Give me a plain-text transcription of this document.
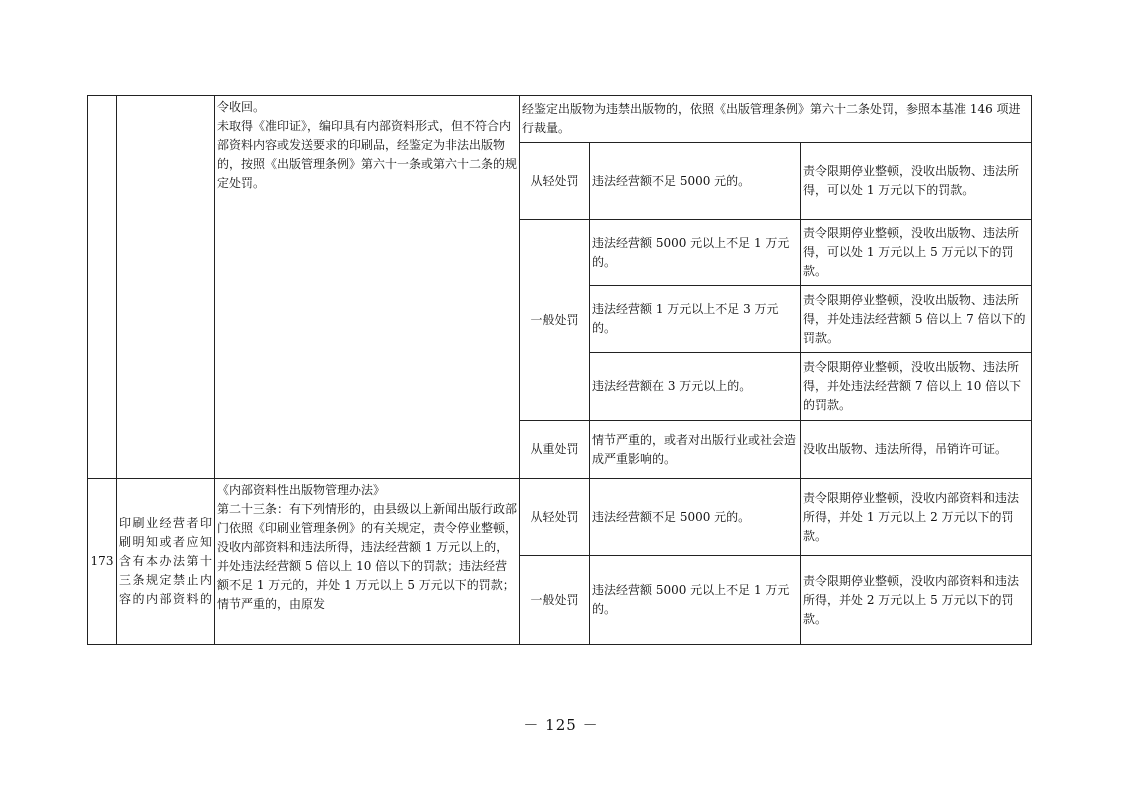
		令收回。
未取得《准印证》，编印具有内部资料形式，但不符合内部资料内容或发送要求的印刷品，经鉴定为非法出版物的，按照《出版管理条例》第六十一条或第六十二条的规定处罚。	经鉴定出版物为违禁出版物的，依照《出版管理条例》第六十二条处罚，参照本基准 146 项进行裁量。		
			从轻处罚	违法经营额不足 5000 元的。	责令限期停业整顿，没收出版物、违法所得，可以处 1 万元以下的罚款。
			一般处罚	违法经营额 5000 元以上不足 1 万元的。	责令限期停业整顿，没收出版物、违法所得，可以处 1 万元以上 5 万元以下的罚款。
				违法经营额 1 万元以上不足 3 万元的。	责令限期停业整顿，没收出版物、违法所得，并处违法经营额 5 倍以上 7 倍以下的罚款。
				违法经营额在 3 万元以上的。	责令限期停业整顿，没收出版物、违法所得，并处违法经营额 7 倍以上 10 倍以下的罚款。
			从重处罚	情节严重的，或者对出版行业或社会造成严重影响的。	没收出版物、违法所得，吊销许可证。
173	印刷业经营者印刷明知或者应知含有本办法第十三条规定禁止内容的内部资料的	《内部资料性出版物管理办法》
第二十三条：有下列情形的，由县级以上新闻出版行政部门依照《印刷业管理条例》的有关规定，责令停业整顿，没收内部资料和违法所得，违法经营额 1 万元以上的，并处违法经营额 5 倍以上 10 倍以下的罚款；违法经营额不足 1 万元的，并处 1 万元以上 5 万元以下的罚款；情节严重的，由原发	从轻处罚	违法经营额不足 5000 元的。	责令限期停业整顿，没收内部资料和违法所得，并处 1 万元以上 2 万元以下的罚款。
			一般处罚	违法经营额 5000 元以上不足 1 万元的。	责令限期停业整顿，没收内部资料和违法所得，并处 2 万元以上 5 万元以下的罚款。
－ 125 －
